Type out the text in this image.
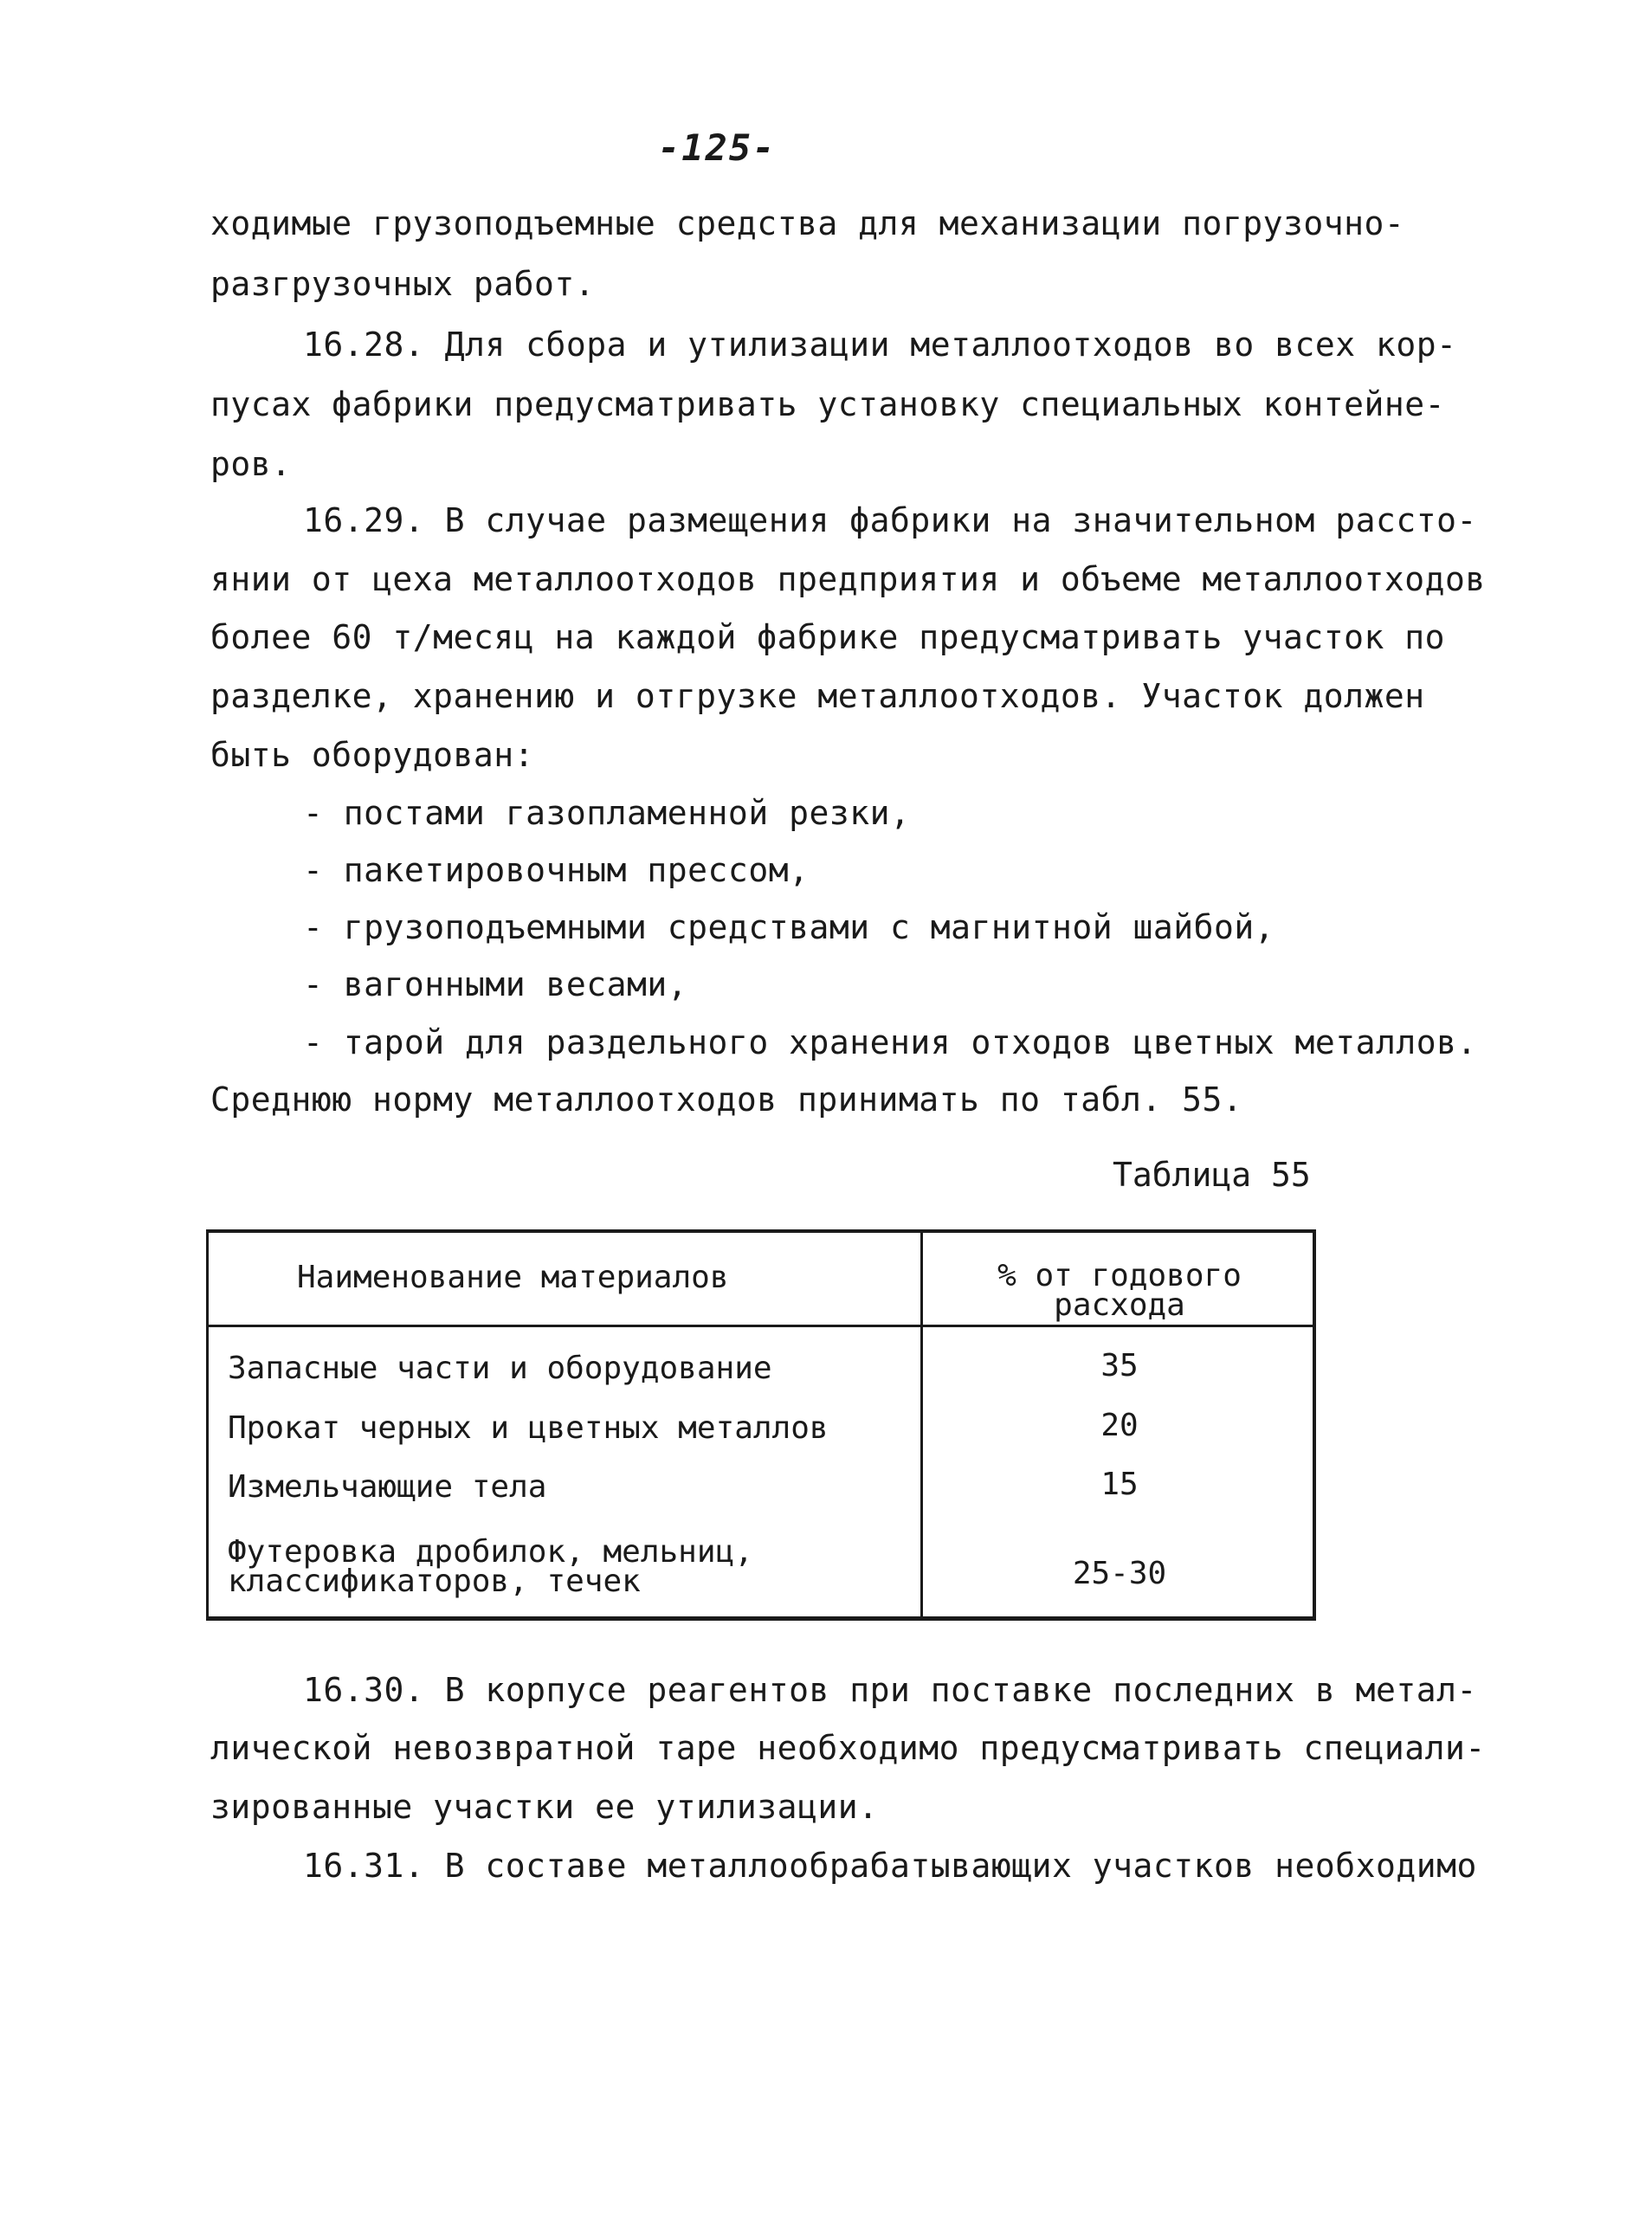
-125-
ходимые грузоподъемные средства для механизации погрузочно-
разгрузочных работ.
16.28. Для сбора и утилизации металлоотходов во всех кор-
пусах фабрики предусматривать установку специальных контейне-
ров.
16.29. В случае размещения фабрики на значительном рассто-
янии от цеха металлоотходов предприятия и объеме металлоотходов
более 60 т/месяц на каждой фабрике предусматривать участок по
разделке, хранению и отгрузке металлоотходов. Участок должен
быть оборудован:
- постами газопламенной резки,
- пакетировочным прессом,
- грузоподъемными средствами с магнитной шайбой,
- вагонными весами,
- тарой для раздельного хранения отходов цветных металлов.
Среднюю норму металлоотходов принимать по табл. 55.
Таблица 55
Наименование материалов	% от годового
расхода
Запасные части и оборудование	35
Прокат черных и цветных металлов	20
Измельчающие тела	15
Футеровка дробилок, мельниц,
классификаторов, течек	25-30
16.30. В корпусе реагентов при поставке последних в метал-
лической невозвратной таре необходимо предусматривать специали-
зированные участки ее утилизации.
16.31. В составе металлообрабатывающих участков необходимо
